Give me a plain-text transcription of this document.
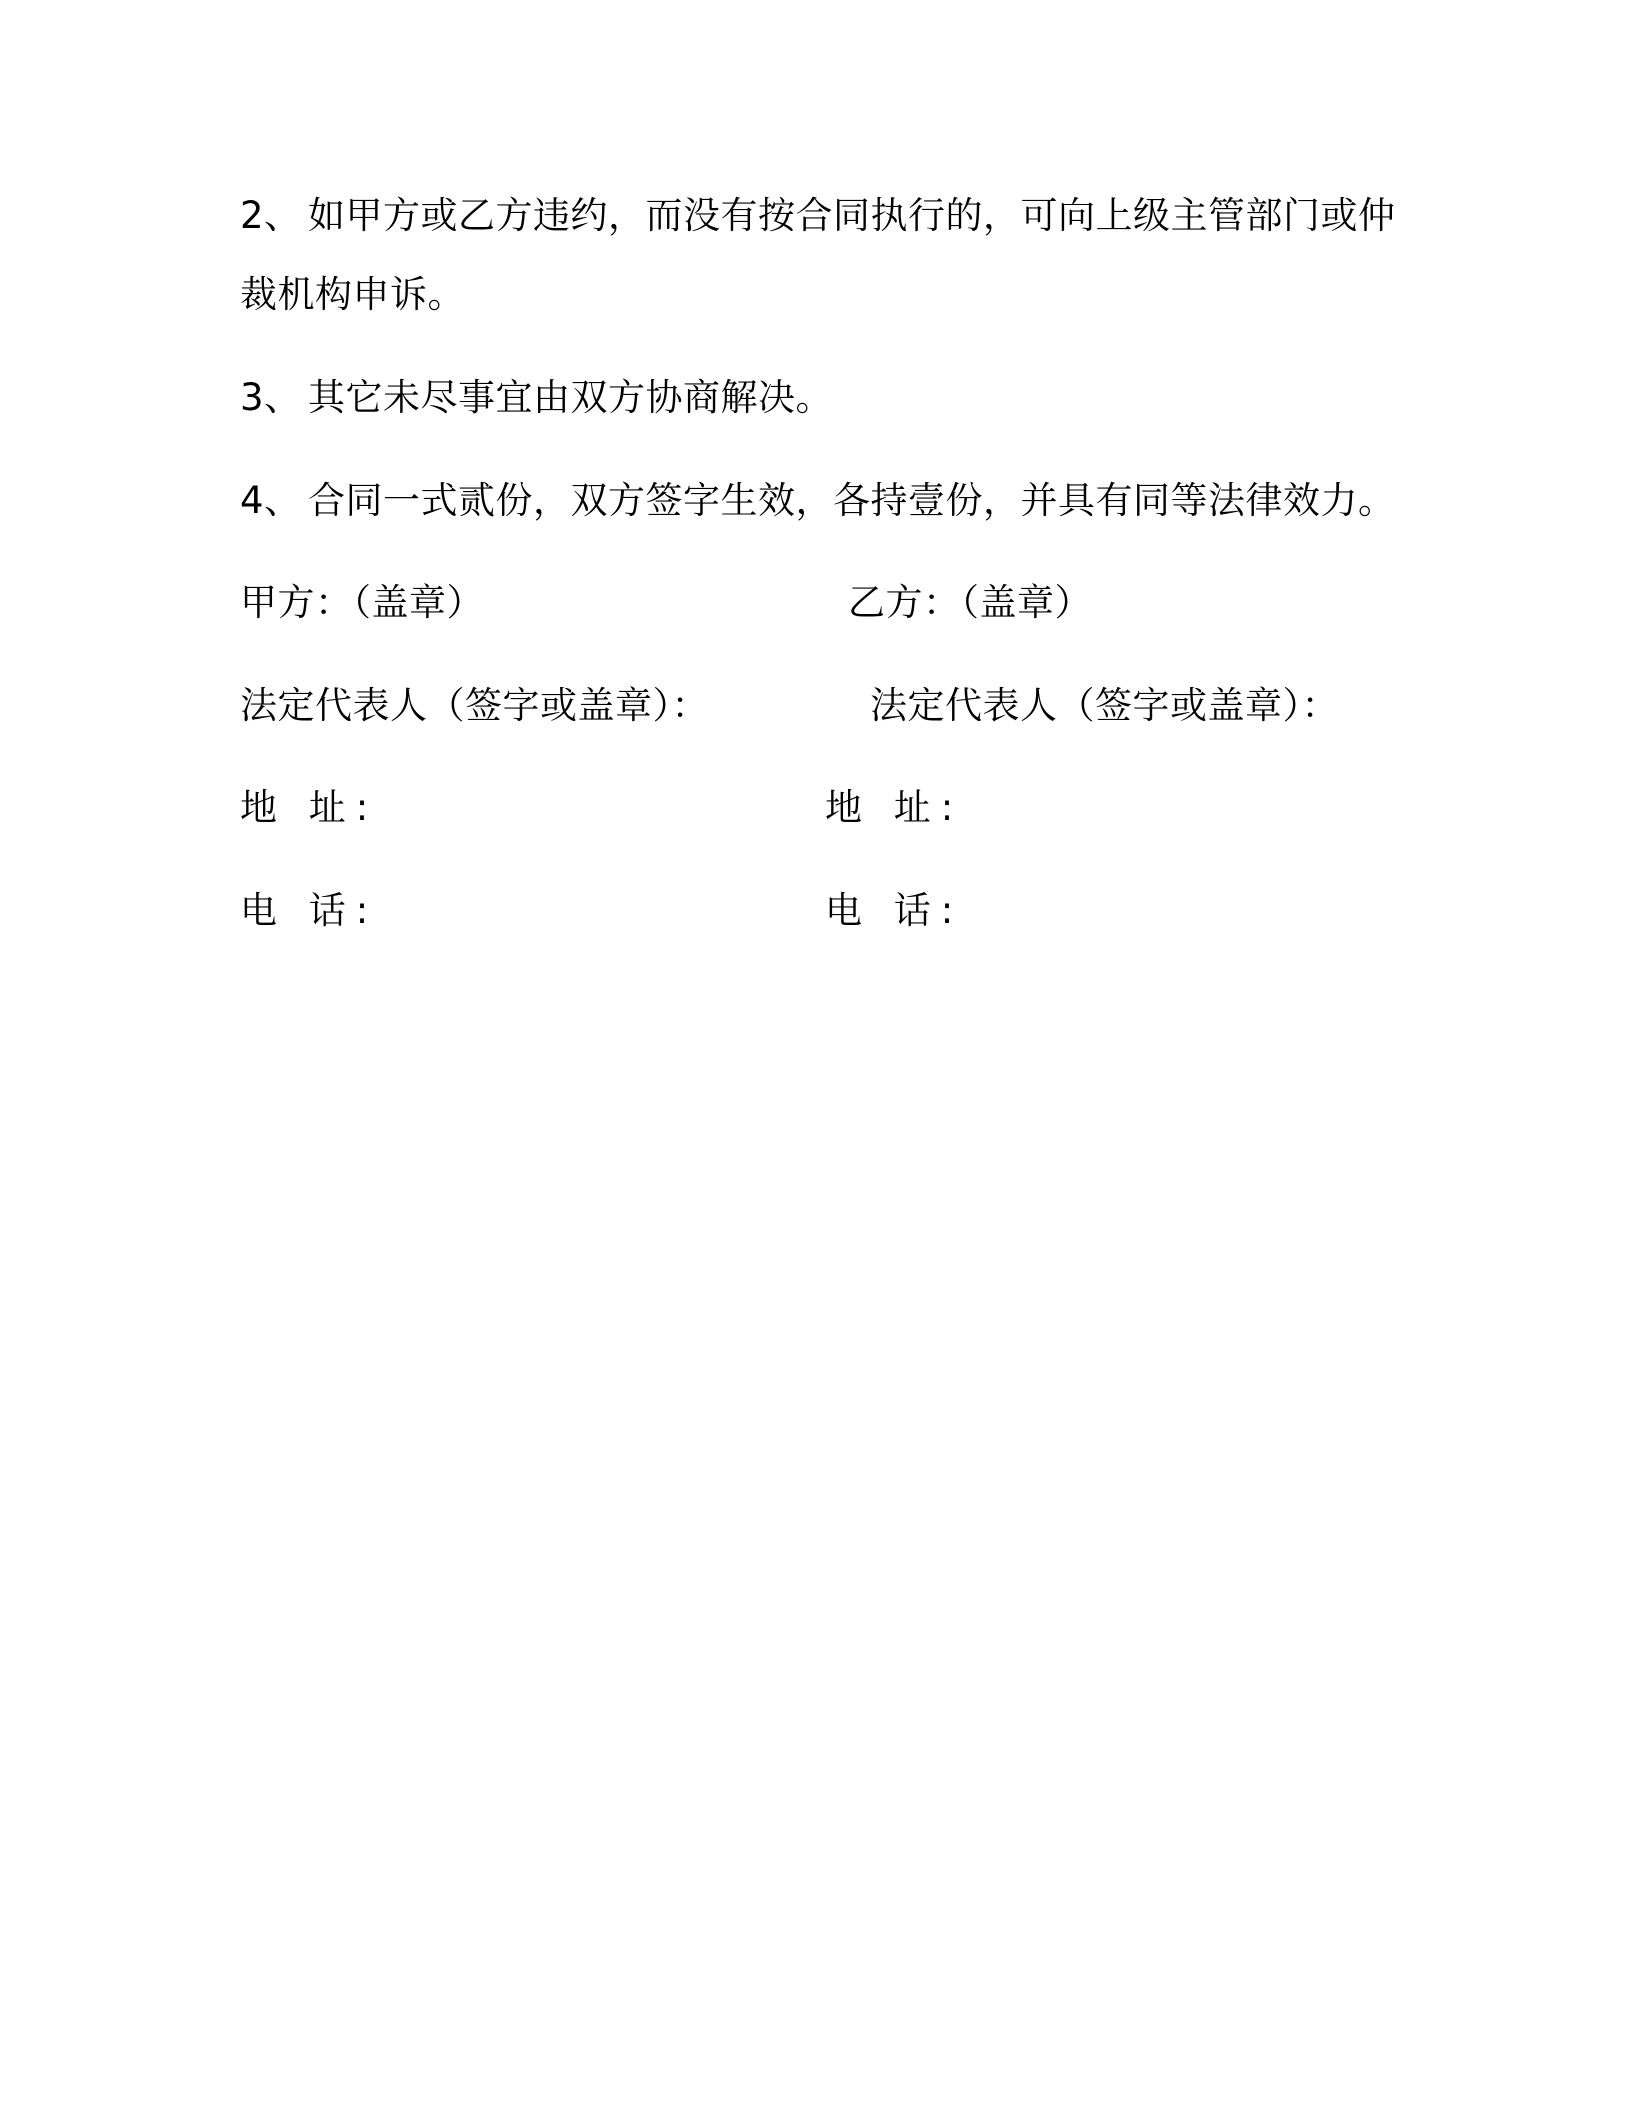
2、 如甲方或乙方违约，而没有按合同执行的，可向上级主管部门或仲
裁机构申诉。
3、 其它未尽事宜由双方协商解决。
4、 合同一式贰份，双方签字生效，各持壹份，并具有同等法律效力。
甲方：（盖章）
法定代表人（签字或盖章）：
地 址:
电 话:
乙方：（盖章）
法定代表人（签字或盖章）：
地 址:
电 话:
